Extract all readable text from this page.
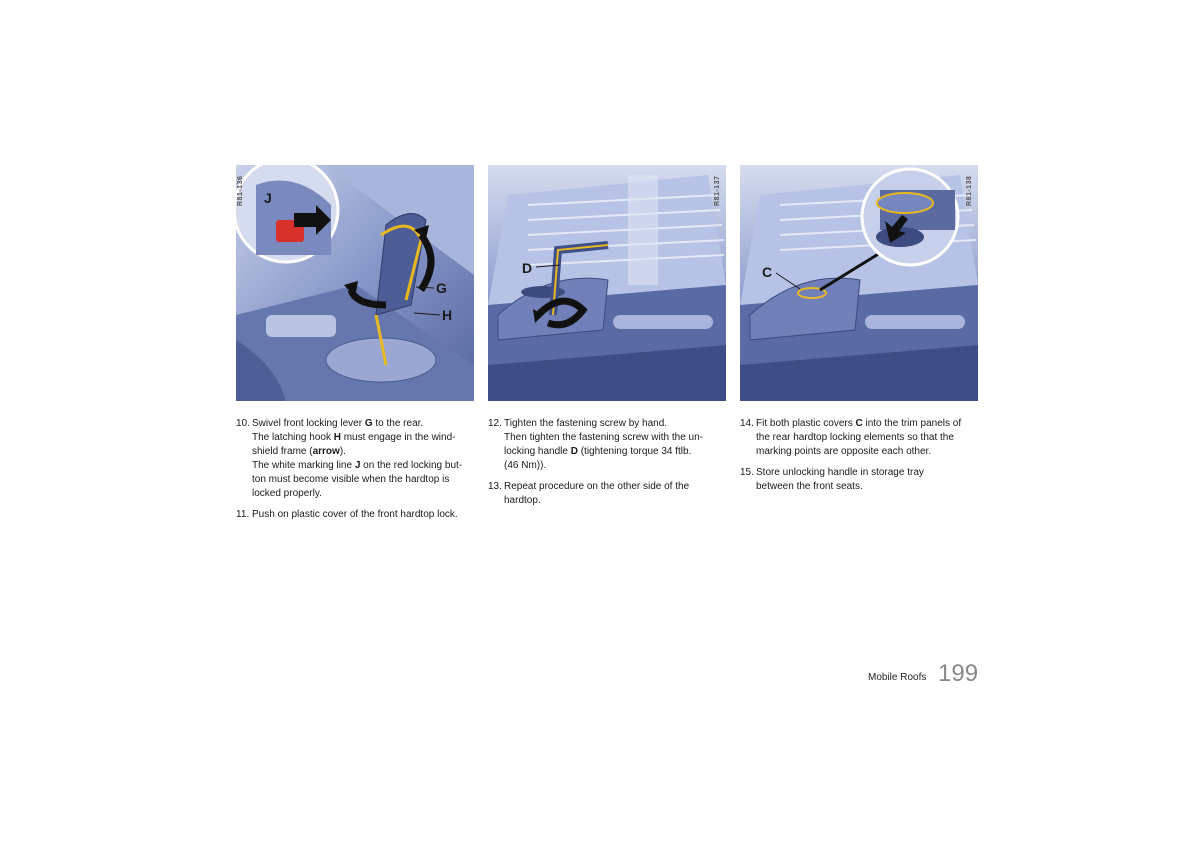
G
H
J
R81-136
D
R81-137
C
R81-138
10. Swivel front locking lever G to the rear.
The latching hook H must engage in the wind-
shield frame (arrow).
The white marking line J on the red locking but-
ton must become visible when the hardtop is
locked properly.
11. Push on plastic cover of the front hardtop lock.
12. Tighten the fastening screw by hand.
Then tighten the fastening screw with the un-
locking handle D (tightening torque 34 ftlb.
(46 Nm)).
13. Repeat procedure on the other side of the
hardtop.
14. Fit both plastic covers C into the trim panels of
the rear hardtop locking elements so that the
marking points are opposite each other.
15. Store unlocking handle in storage tray
between the front seats.
Mobile Roofs 199
